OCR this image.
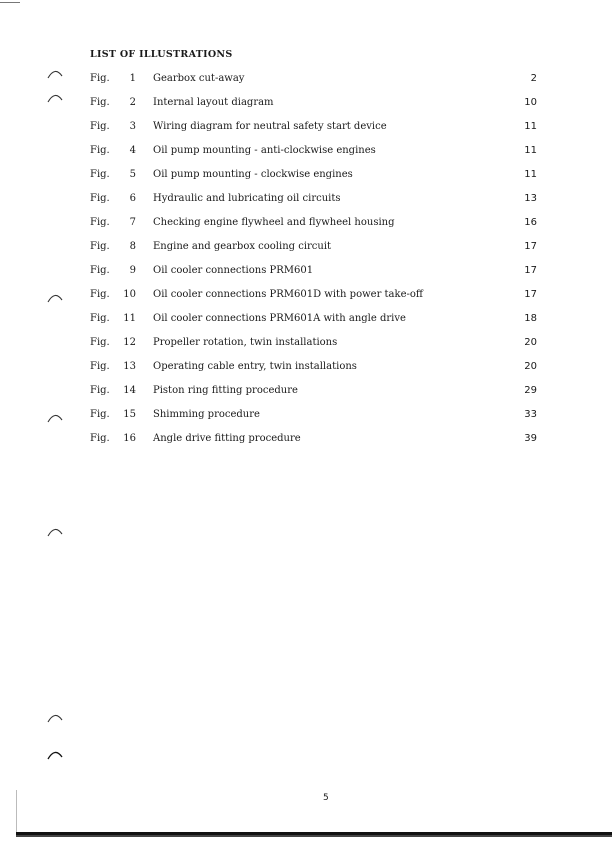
LIST OF ILLUSTRATIONS
Fig. 1	Gearbox cut-away	2
Fig. 2	Internal layout diagram	10
Fig. 3	Wiring diagram for neutral safety start device	11
Fig. 4	Oil pump mounting - anti-clockwise engines	11
Fig. 5	Oil pump mounting - clockwise engines	11
Fig. 6	Hydraulic and lubricating oil circuits	13
Fig. 7	Checking engine flywheel and flywheel housing	16
Fig. 8	Engine and gearbox cooling circuit	17
Fig. 9	Oil cooler connections PRM601	17
Fig. 10	Oil cooler connections PRM601D with power take-off	17
Fig. 11	Oil cooler connections PRM601A with angle drive	18
Fig. 12	Propeller rotation, twin installations	20
Fig. 13	Operating cable entry, twin installations	20
Fig. 14	Piston ring fitting procedure	29
Fig. 15	Shimming procedure	33
Fig. 16	Angle drive fitting procedure	39
5
